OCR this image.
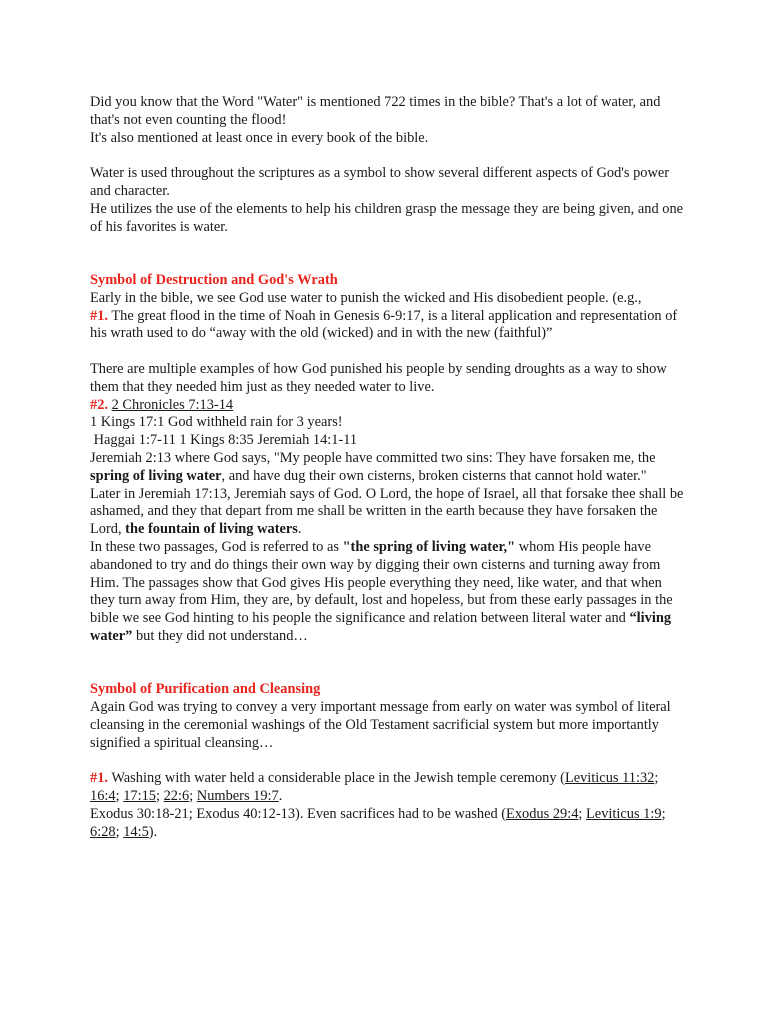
Did you know that the Word "Water" is mentioned 722 times in the bible? That's a lot of water, and that's not even counting the flood!

It's also mentioned at least once in every book of the bible.

Water is used throughout the scriptures as a symbol to show several different aspects of God's power and character.

He utilizes the use of the elements to help his children grasp the message they are being given, and one of his favorites is water.

Symbol of Destruction and God's Wrath

Early in the bible, we see God use water to punish the wicked and His disobedient people. (e.g.,
#1. The great flood in the time of Noah in Genesis 6-9:17, is a literal application and representation of his wrath used to do “away with the old (wicked) and in with the new (faithful)”

There are multiple examples of how God punished his people by sending droughts as a way to show them that they needed him just as they needed water to live.

#2. 2 Chronicles 7:13-14

1 Kings 17:1 God withheld rain for 3 years!

Haggai 1:7-11 1 Kings 8:35 Jeremiah 14:1-11

Jeremiah 2:13 where God says, "My people have committed two sins: They have forsaken me, the spring of living water, and have dug their own cisterns, broken cisterns that cannot hold water."

Later in Jeremiah 17:13, Jeremiah says of God. O Lord, the hope of Israel, all that forsake thee shall be ashamed, and they that depart from me shall be written in the earth because they have forsaken the Lord, the fountain of living waters.

In these two passages, God is referred to as "the spring of living water," whom His people have abandoned to try and do things their own way by digging their own cisterns and turning away from Him. The passages show that God gives His people everything they need, like water, and that when they turn away from Him, they are, by default, lost and hopeless, but from these early passages in the bible we see God hinting to his people the significance and relation between literal water and “living water” but they did not understand…

Symbol of Purification and Cleansing

Again God was trying to convey a very important message from early on water was symbol of literal cleansing in the ceremonial washings of the Old Testament sacrificial system but more importantly signified a spiritual cleansing…

#1. Washing with water held a considerable place in the Jewish temple ceremony (Leviticus 11:32; 16:4; 17:15; 22:6; Numbers 19:7.
Exodus 30:18-21; Exodus 40:12-13). Even sacrifices had to be washed (Exodus 29:4; Leviticus 1:9; 6:28; 14:5).
